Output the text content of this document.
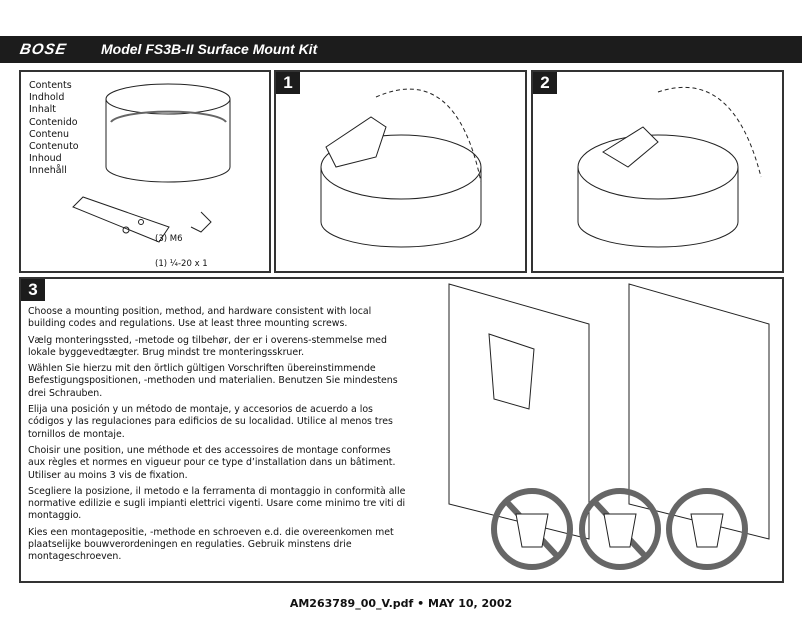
BOSE Model FS3B-II Surface Mount Kit
Contents
Indhold
Inhalt
Contenido
Contenu
Contenuto
Inhoud
Innehåll
(3) M6
(1) ¼-20 x 1
1	2
3

Choose a mounting position, method, and hardware consistent with local building codes and regulations. Use at least three mounting screws.

Vælg monteringssted, -metode og tilbehør, der er i overens-stemmelse med lokale byggevedtægter. Brug mindst tre monteringsskruer.

Wählen Sie hierzu mit den örtlich gültigen Vorschriften übereinstimmende Befestigungspositionen, -methoden und materialien. Benutzen Sie mindestens drei Schrauben.

Elija una posición y un método de montaje, y accesorios de acuerdo a los códigos y las regulaciones para edificios de su localidad. Utilice al menos tres tornillos de montaje.

Choisir une position, une méthode et des accessoires de montage conformes aux règles et normes en vigueur pour ce type d’installation dans un bâtiment. Utiliser au moins 3 vis de fixation.

Scegliere la posizione, il metodo e la ferramenta di montaggio in conformità alle normative edilizie e sugli impianti elettrici vigenti. Usare come minimo tre viti di montaggio.

Kies een montagepositie, -methode en schroeven e.d. die overeenkomen met plaatselijke bouwverordeningen en regulaties. Gebruik minstens drie montageschroeven.

AM263789_00_V.pdf • MAY 10, 2002
